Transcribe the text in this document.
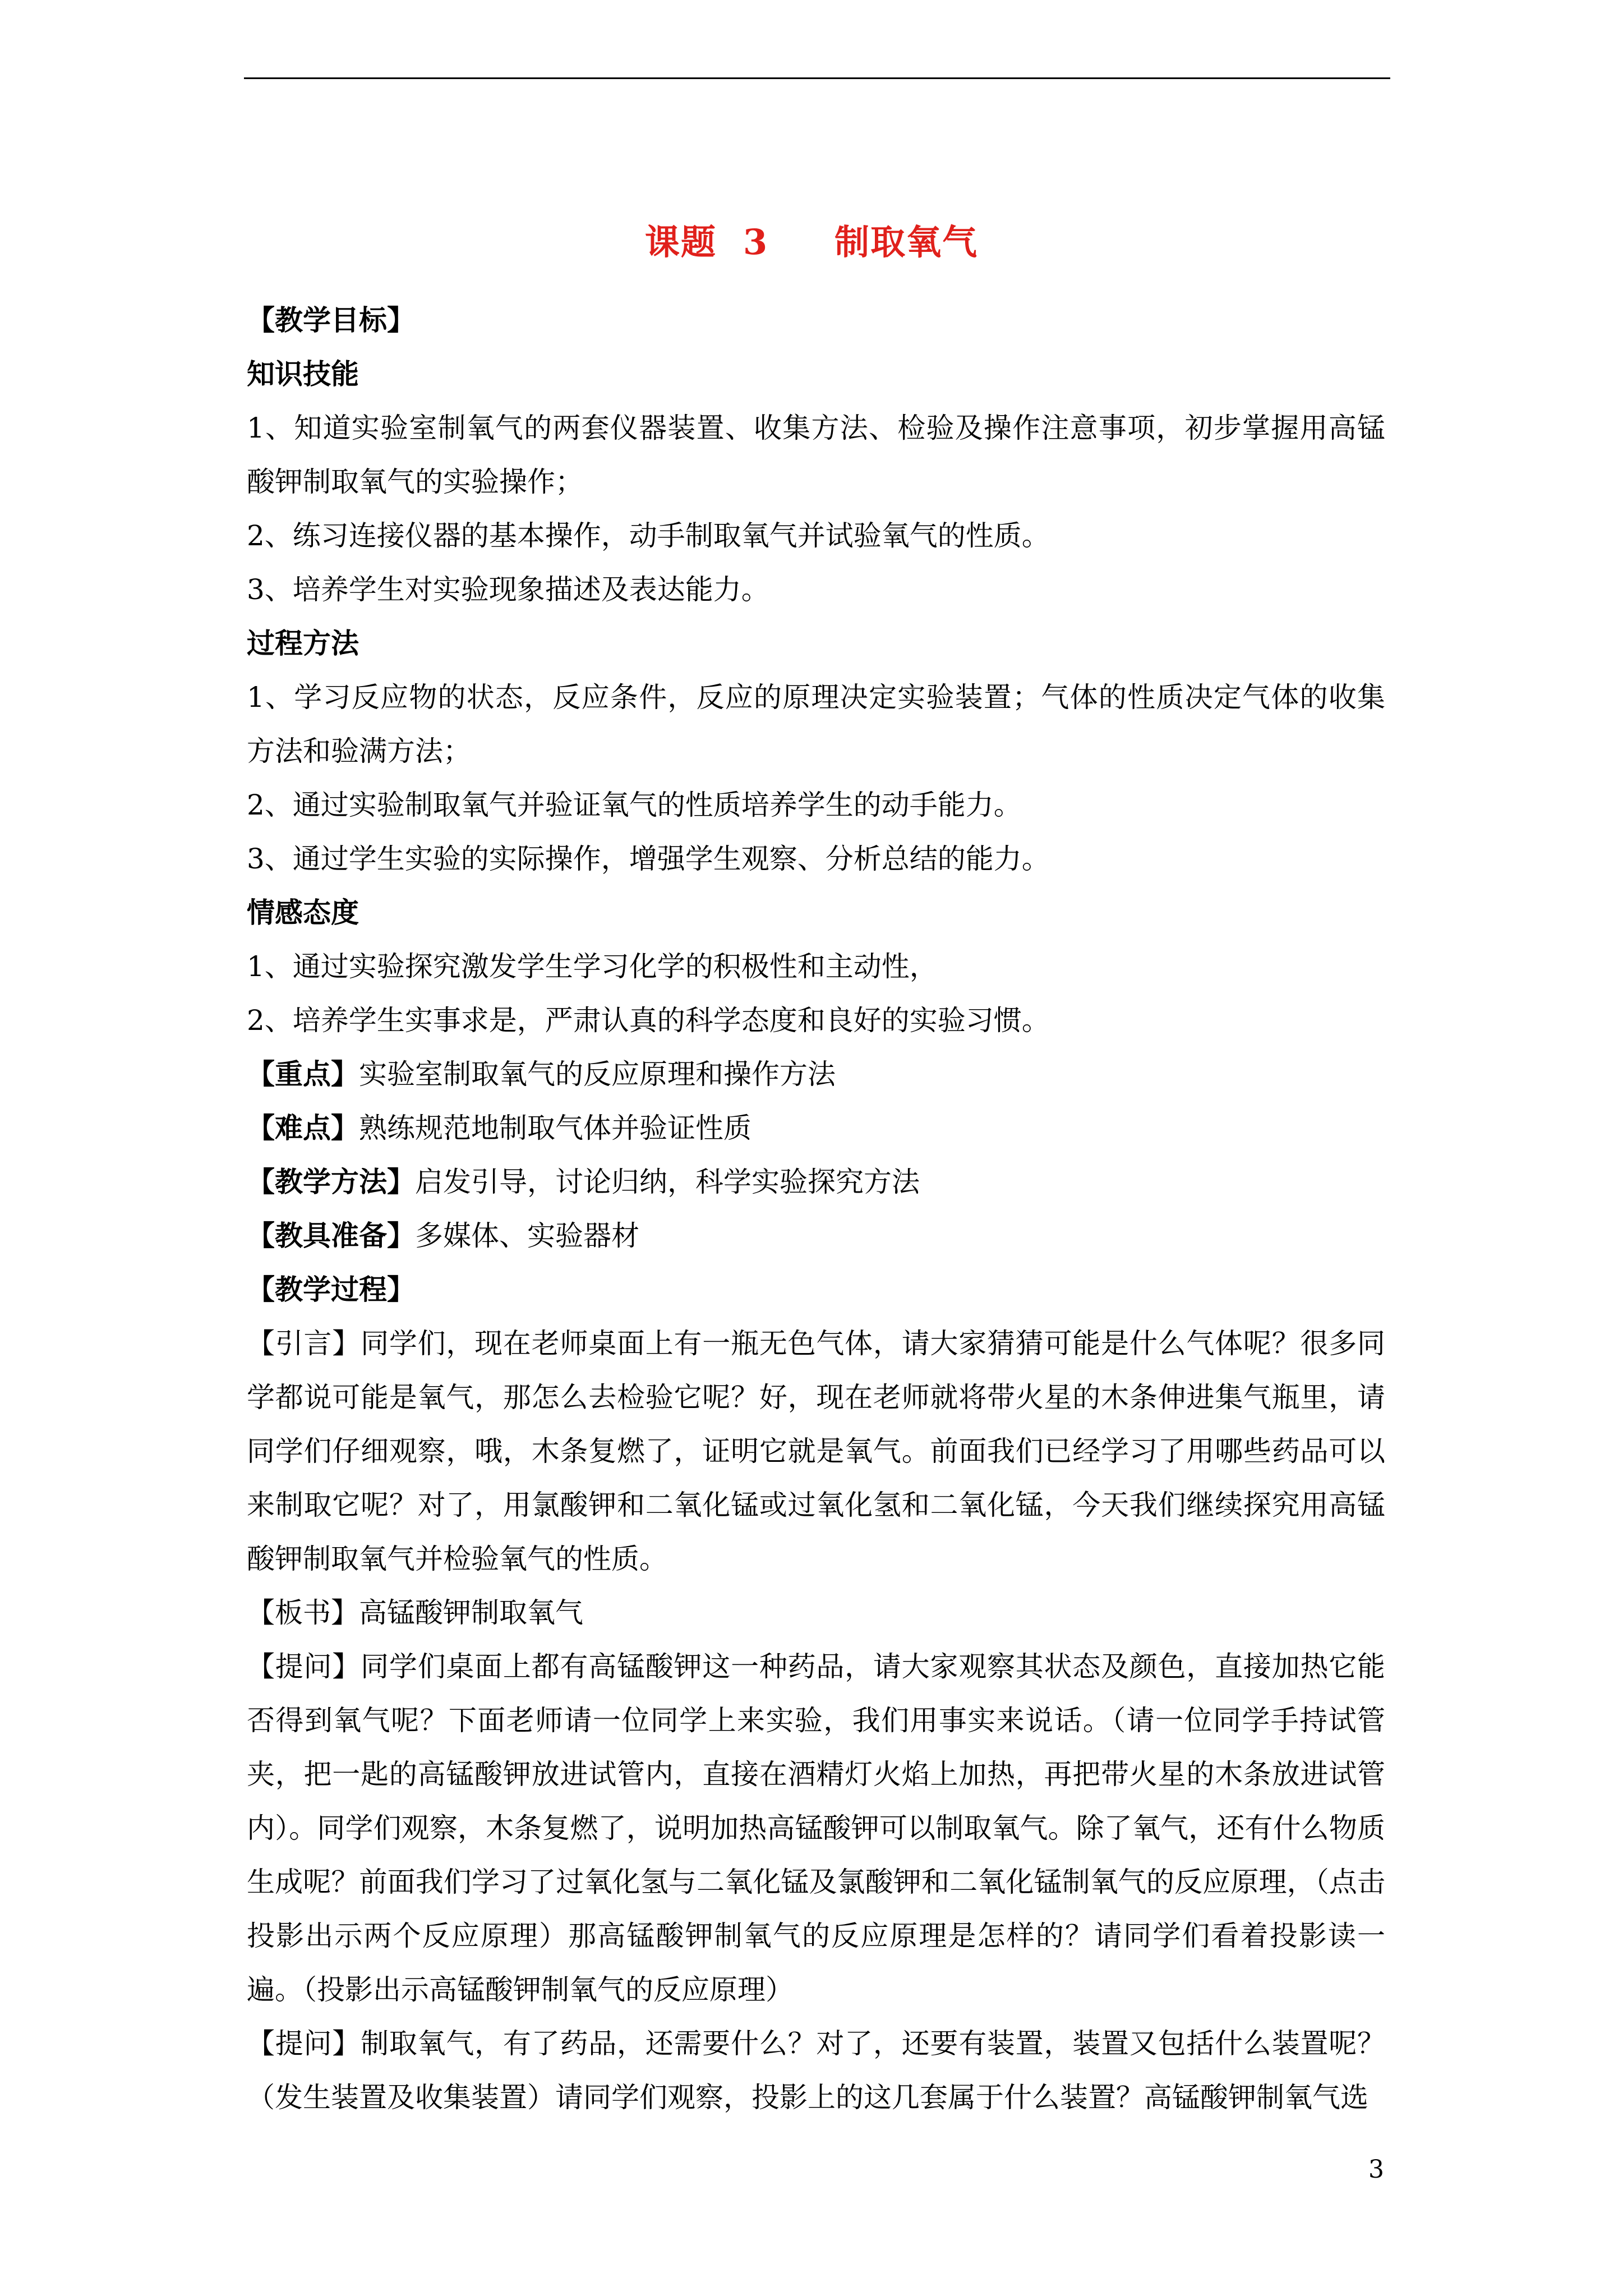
课题  3     制取氧气

【教学目标】

知识技能

1、知道实验室制氧气的两套仪器装置、收集方法、检验及操作注意事项，初步掌握用高锰酸钾制取氧气的实验操作；

2、练习连接仪器的基本操作，动手制取氧气并试验氧气的性质。

3、培养学生对实验现象描述及表达能力。

过程方法

1、学习反应物的状态，反应条件，反应的原理决定实验装置；气体的性质决定气体的收集方法和验满方法；

2、通过实验制取氧气并验证氧气的性质培养学生的动手能力。

3、通过学生实验的实际操作，增强学生观察、分析总结的能力。

情感态度

1、通过实验探究激发学生学习化学的积极性和主动性，

2、培养学生实事求是，严肃认真的科学态度和良好的实验习惯。

【重点】实验室制取氧气的反应原理和操作方法

【难点】熟练规范地制取气体并验证性质

【教学方法】启发引导，讨论归纳，科学实验探究方法

【教具准备】多媒体、实验器材

【教学过程】

【引言】同学们，现在老师桌面上有一瓶无色气体，请大家猜猜可能是什么气体呢？很多同学都说可能是氧气，那怎么去检验它呢？好，现在老师就将带火星的木条伸进集气瓶里，请同学们仔细观察，哦，木条复燃了，证明它就是氧气。前面我们已经学习了用哪些药品可以来制取它呢？对了，用氯酸钾和二氧化锰或过氧化氢和二氧化锰，今天我们继续探究用高锰酸钾制取氧气并检验氧气的性质。

【板书】高锰酸钾制取氧气

【提问】同学们桌面上都有高锰酸钾这一种药品，请大家观察其状态及颜色，直接加热它能否得到氧气呢？下面老师请一位同学上来实验，我们用事实来说话。（请一位同学手持试管夹，把一匙的高锰酸钾放进试管内，直接在酒精灯火焰上加热，再把带火星的木条放进试管内）。同学们观察，木条复燃了，说明加热高锰酸钾可以制取氧气。除了氧气，还有什么物质生成呢？前面我们学习了过氧化氢与二氧化锰及氯酸钾和二氧化锰制氧气的反应原理，（点击投影出示两个反应原理）那高锰酸钾制氧气的反应原理是怎样的？请同学们看着投影读一遍。（投影出示高锰酸钾制氧气的反应原理）

【提问】制取氧气，有了药品，还需要什么？对了，还要有装置，装置又包括什么装置呢？（发生装置及收集装置）请同学们观察，投影上的这几套属于什么装置？高锰酸钾制氧气选

3
